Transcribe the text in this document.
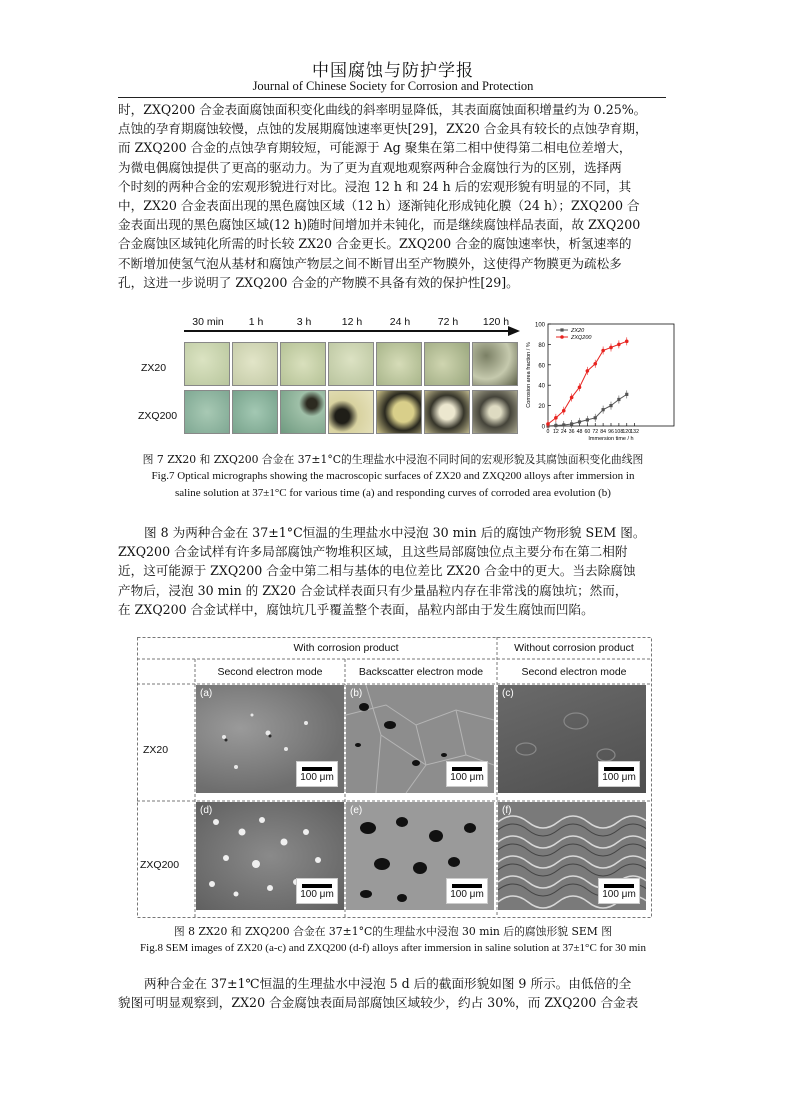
中国腐蚀与防护学报
Journal of Chinese Society for Corrosion and Protection
时，ZXQ200 合金表面腐蚀面积变化曲线的斜率明显降低，其表面腐蚀面积增量约为 0.25%。
点蚀的孕育期腐蚀较慢，点蚀的发展期腐蚀速率更快[29]，ZX20 合金具有较长的点蚀孕育期，
而 ZXQ200 合金的点蚀孕育期较短，可能源于 Ag 聚集在第二相中使得第二相电位差增大，
为微电偶腐蚀提供了更高的驱动力。为了更为直观地观察两种合金腐蚀行为的区别，选择两
个时刻的两种合金的宏观形貌进行对比。浸泡 12 h 和 24 h 后的宏观形貌有明显的不同，其
中，ZX20 合金表面出现的黑色腐蚀区域（12 h）逐渐钝化形成钝化膜（24 h）；ZXQ200 合
金表面出现的黑色腐蚀区域(12 h)随时间增加并未钝化，而是继续腐蚀样品表面，故 ZXQ200
合金腐蚀区域钝化所需的时长较 ZX20 合金更长。ZXQ200 合金的腐蚀速率快，析氢速率的
不断增加使氢气泡从基材和腐蚀产物层之间不断冒出至产物膜外，这使得产物膜更为疏松多
孔，这进一步说明了 ZXQ200 合金的产物膜不具备有效的保护性[29]。
30 min	1 h	3 h	12 h	24 h	72 h	120 h
ZX20
ZXQ200
0
20
40
60
80
100
0 12 24 36 48 60 72 84 96 108 120 132
Immersion time / h
Corrosion area fraction / %
ZX20
ZXQ200
图 7 ZX20 和 ZXQ200 合金在 37±1°C的生理盐水中浸泡不同时间的宏观形貌及其腐蚀面积变化曲线图
Fig.7 Optical micrographs showing the macroscopic surfaces of ZX20 and ZXQ200 alloys after immersion in
saline solution at 37±1°C for various time (a) and responding curves of corroded area evolution (b)
图 8 为两种合金在 37±1°C恒温的生理盐水中浸泡 30 min 后的腐蚀产物形貌 SEM 图。
ZXQ200 合金试样有许多局部腐蚀产物堆积区域，且这些局部腐蚀位点主要分布在第二相附
近，这可能源于 ZXQ200 合金中第二相与基体的电位差比 ZX20 合金中的更大。当去除腐蚀
产物后，浸泡 30 min 的 ZX20 合金试样表面只有少量晶粒内存在非常浅的腐蚀坑；然而，
在 ZXQ200 合金试样中，腐蚀坑几乎覆盖整个表面，晶粒内部由于发生腐蚀而凹陷。
With corrosion product	Without corrosion product
Second electron mode	Backscatter electron mode	Second electron mode
ZX20
ZXQ200
(a)
100 μm
(b)
100 μm
(c)
100 μm
(d)
100 μm
(e)
100 μm
(f)
100 μm
图 8 ZX20 和 ZXQ200 合金在 37±1°C的生理盐水中浸泡 30 min 后的腐蚀形貌 SEM 图
Fig.8 SEM images of ZX20 (a-c) and ZXQ200 (d-f) alloys after immersion in saline solution at 37±1°C for 30 min
两种合金在 37±1℃恒温的生理盐水中浸泡 5 d 后的截面形貌如图 9 所示。由低倍的全
貌图可明显观察到，ZX20 合金腐蚀表面局部腐蚀区域较少，约占 30%，而 ZXQ200 合金表
